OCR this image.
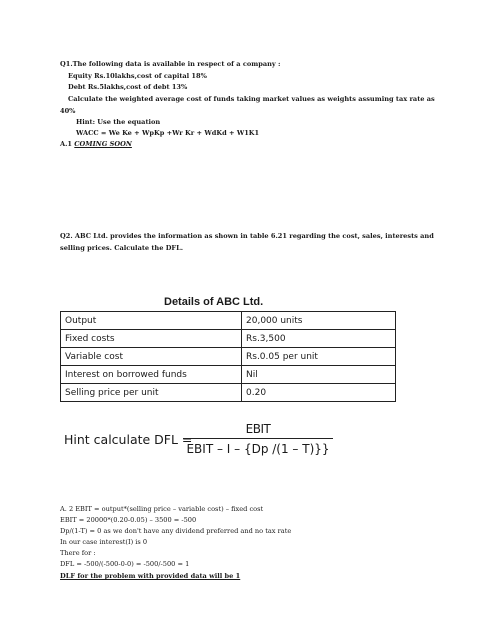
Q1.The following data is available in respect of a company :
Equity Rs.10lakhs,cost of capital 18%
Debt Rs.5lakhs,cost of debt 13%
Calculate the weighted average cost of funds taking market values as weights assuming tax rate as
40%
Hint: Use the equation
WACC = We Ke + WpKp +Wr Kr + WdKd + W1K1
A.1 COMING SOON
Q2. ABC Ltd. provides the information as shown in table 6.21 regarding the cost, sales, interests and
selling prices. Calculate the DFL.
Details of ABC Ltd.
Output	20,000 units
Fixed costs	Rs.3,500
Variable cost	Rs.0.05 per unit
Interest on borrowed funds	Nil
Selling price per unit	0.20
Hint calculate DFL =
EBIT
EBIT – I – {Dp /(1 – T)}}
A. 2 EBIT = output*(selling price – variable cost) – fixed cost
EBIT = 20000*(0.20-0.05) – 3500 = -500
Dp/(1-T) = 0 as we don't have any dividend preferred and no tax rate
In our case interest(I) is 0
There for :
DFL = -500/(-500-0-0) = -500/-500 = 1
DLF for the problem with provided data will be 1
